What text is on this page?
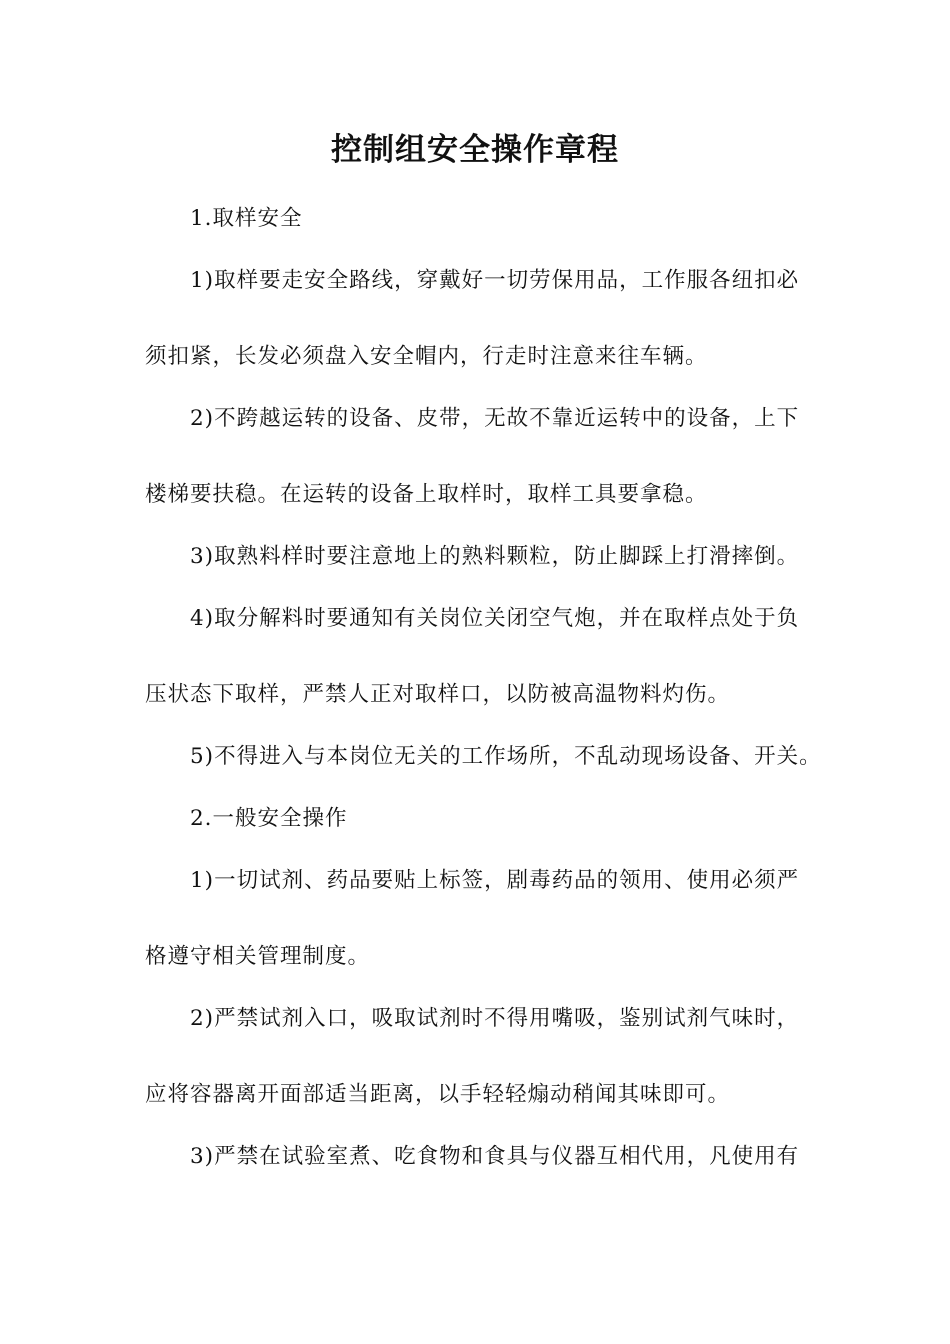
控制组安全操作章程
1.取样安全
1)取样要走安全路线，穿戴好一切劳保用品，工作服各纽扣必
须扣紧，长发必须盘入安全帽内，行走时注意来往车辆。
2)不跨越运转的设备、皮带，无故不靠近运转中的设备，上下
楼梯要扶稳。在运转的设备上取样时，取样工具要拿稳。
3)取熟料样时要注意地上的熟料颗粒，防止脚踩上打滑摔倒。
4)取分解料时要通知有关岗位关闭空气炮，并在取样点处于负
压状态下取样，严禁人正对取样口，以防被高温物料灼伤。
5)不得进入与本岗位无关的工作场所，不乱动现场设备、开关。
2.一般安全操作
1)一切试剂、药品要贴上标签，剧毒药品的领用、使用必须严
格遵守相关管理制度。
2)严禁试剂入口，吸取试剂时不得用嘴吸，鉴别试剂气味时，
应将容器离开面部适当距离，以手轻轻煽动稍闻其味即可。
3)严禁在试验室煮、吃食物和食具与仪器互相代用，凡使用有
